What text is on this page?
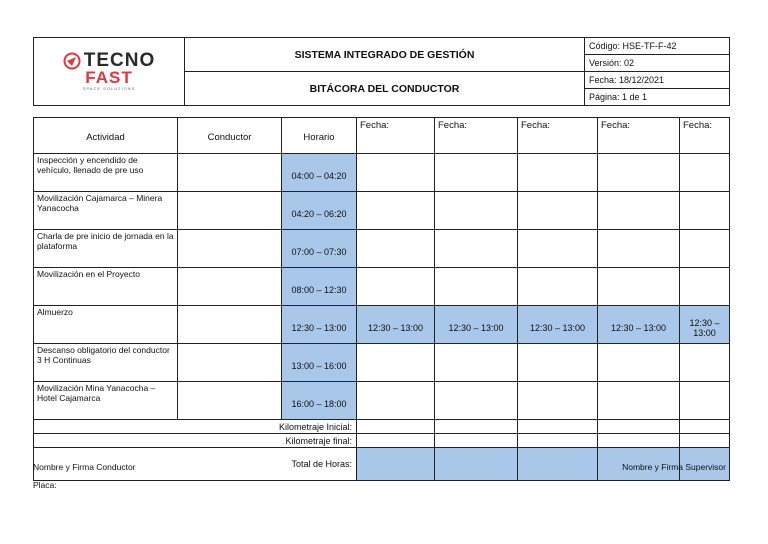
TECNO
FAST
SPACE SOLUTIONS	SISTEMA INTEGRADO DE GESTIÓN	Código: HSE-TF-F-42
		Versión: 02
	BITÁCORA DEL CONDUCTOR	Fecha: 18/12/2021
		Página: 1 de 1
Actividad	Conductor	Horario	Fecha:	Fecha:	Fecha:	Fecha:	Fecha:
Inspección y encendido de vehículo, llenado de pre uso		04:00 – 04:20					
Movilización Cajamarca – Minera Yanacocha		04:20 – 06:20					
Charla de pre inicio de jornada en la plataforma		07:00 – 07:30					
Movilización en el Proyecto		08:00 – 12:30					
Almuerzo		12:30 – 13:00	12:30 – 13:00	12:30 – 13:00	12:30 – 13:00	12:30 – 13:00	12:30 – 13:00
Descanso obligatorio del conductor 3 H Continuas		13:00 – 16:00					
Movilización Mina Yanacocha – Hotel Cajamarca		16:00 – 18:00					
Kilometraje Inicial:							
Kilometraje final:							
Total de Horas:							
Nombre y Firma Conductor
Placa:
Nombre y Firma Supervisor
